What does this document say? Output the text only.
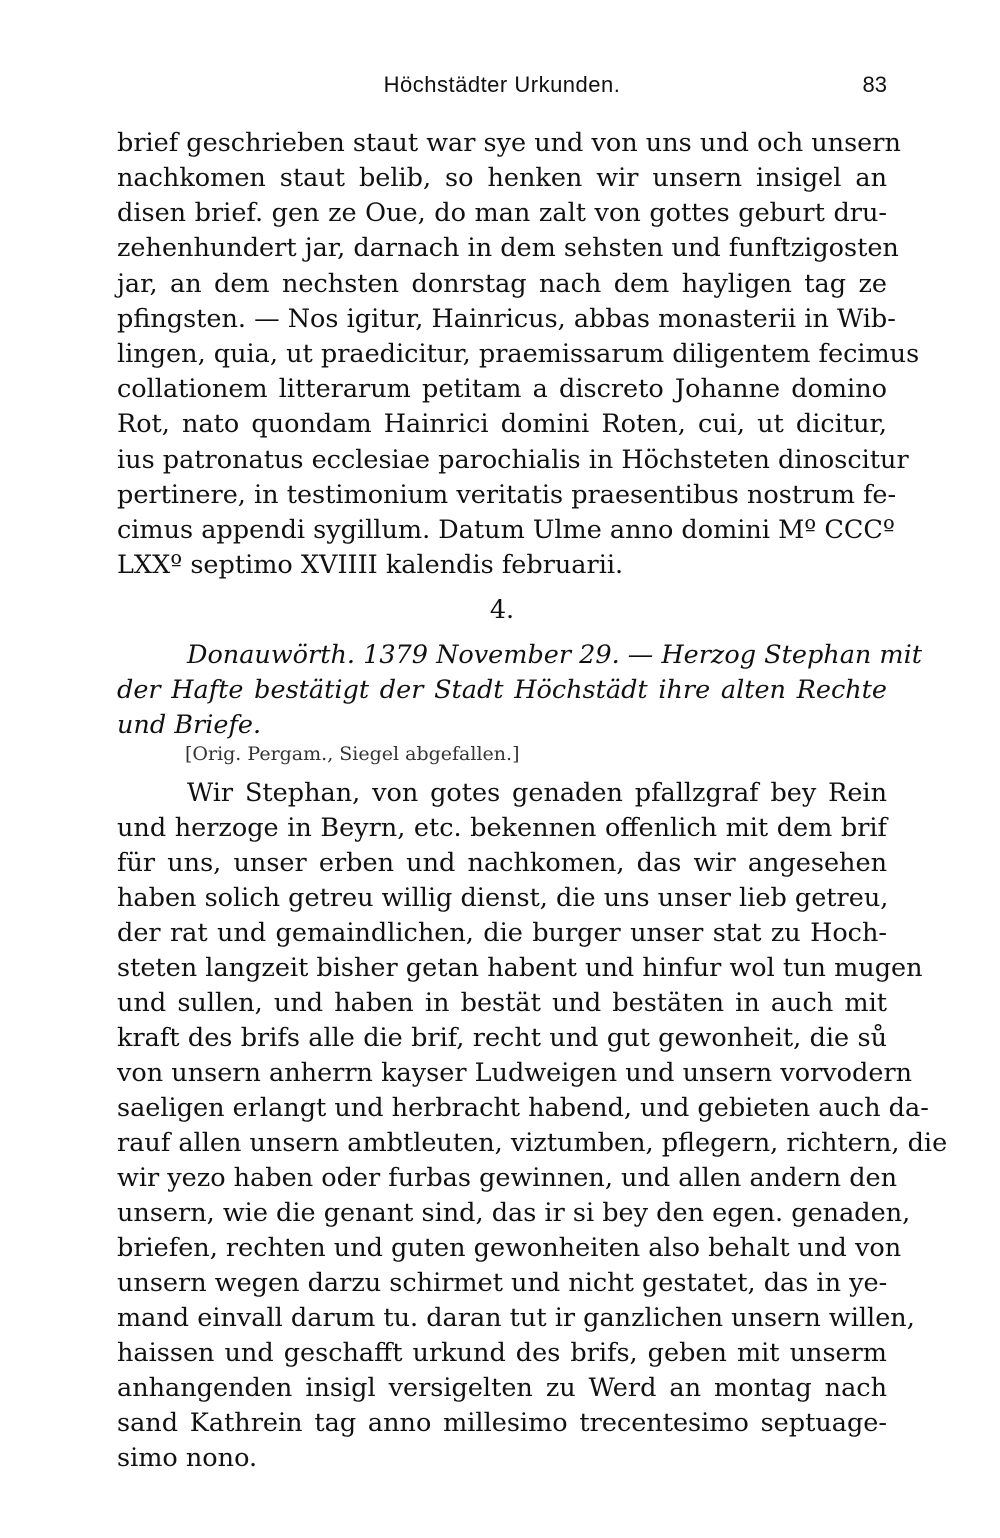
Höchstädter Urkunden.	83
brief geschrieben staut war sye und von uns und och unsern
nachkomen staut belib, so henken wir unsern insigel an
disen brief. gen ze Oue, do man zalt von gottes geburt dru-
zehenhundert jar, darnach in dem sehsten und funftzigosten
jar, an dem nechsten donrstag nach dem hayligen tag ze
pfingsten. — Nos igitur, Hainricus, abbas monasterii in Wib-
lingen, quia, ut praedicitur, praemissarum diligentem fecimus
collationem litterarum petitam a discreto Johanne domino
Rot, nato quondam Hainrici domini Roten, cui, ut dicitur,
ius patronatus ecclesiae parochialis in Höchsteten dinoscitur
pertinere, in testimonium veritatis praesentibus nostrum fe-
cimus appendi sygillum. Datum Ulme anno domini Mº CCCº
LXXº septimo XVIIII kalendis februarii.
4.
Donauwörth. 1379 November 29. — Herzog Stephan mit
der Hafte bestätigt der Stadt Höchstädt ihre alten Rechte
und Briefe.
[Orig. Pergam., Siegel abgefallen.]
Wir Stephan, von gotes genaden pfallzgraf bey Rein
und herzoge in Beyrn, etc. bekennen offenlich mit dem brif
für uns, unser erben und nachkomen, das wir angesehen
haben solich getreu willig dienst, die uns unser lieb getreu,
der rat und gemaindlichen, die burger unser stat zu Hoch-
steten langzeit bisher getan habent und hinfur wol tun mugen
und sullen, und haben in bestät und bestäten in auch mit
kraft des brifs alle die brif, recht und gut gewonheit, die sů
von unsern anherrn kayser Ludweigen und unsern vorvodern
saeligen erlangt und herbracht habend, und gebieten auch da-
rauf allen unsern ambtleuten, viztumben, pflegern, richtern, die
wir yezo haben oder furbas gewinnen, und allen andern den
unsern, wie die genant sind, das ir si bey den egen. genaden,
briefen, rechten und guten gewonheiten also behalt und von
unsern wegen darzu schirmet und nicht gestatet, das in ye-
mand einvall darum tu. daran tut ir ganzlichen unsern willen,
haissen und geschafft urkund des brifs, geben mit unserm
anhangenden insigl versigelten zu Werd an montag nach
sand Kathrein tag anno millesimo trecentesimo septuage-
simo nono.
